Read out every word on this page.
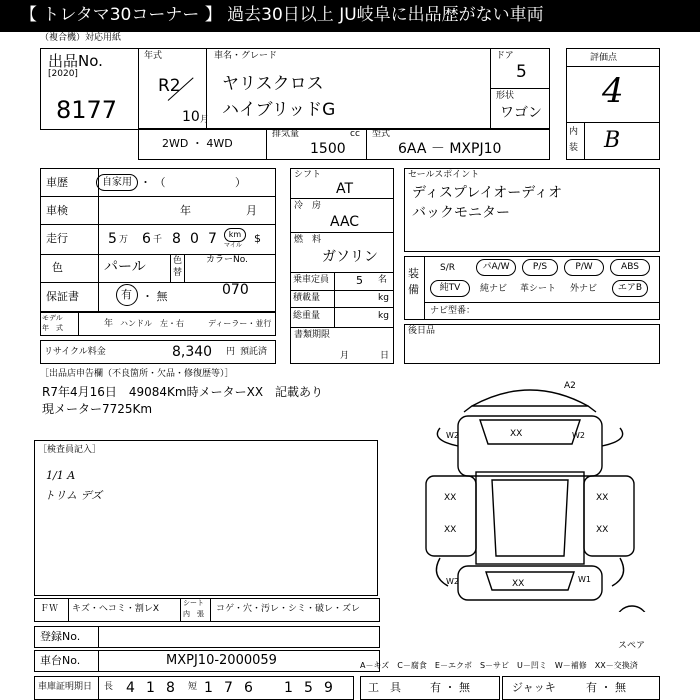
【 トレタマ30コーナー 】 過去30日以上 JU岐阜に出品歴がない車両
（複合機）対応用紙
出品No.
[2020]
8177
年式
R2
10 月
車名・グレード
ヤリスクロス
ハイブリッドG
ドア
5
形状
ワゴン
評価点
4
内
装 B
2WD ・ 4WD
排気量	cc
1500
型式
6AA － MXPJ10
車歴	自家用 ・ （ 　　　　　　）
車検	年	月
走行	5 万 6 千 8 0 7	km
マイル
$
色	パール	色
替
カラーNo.
070
保証書	有 ・ 無
モデル
年　式	年 ハンドル　左・右	ディーラー・並行
リサイクル料金	8,340 円 預託済
シフト
AT
冷　房
AAC
燃　料
ガソリン
乗車定員 5 名
積載量	kg
総重量	kg
書類期限
月	日
セールスポイント
ディスプレイオーディオ
バックモニター
装
備
S/R	パA/W	P/S	P/W	ABS
純TV	純ナビ 革シート 外ナビ	エアB
ナビ型番：
後日品
［出品店申告欄（不良箇所・欠品・修復歴等）］
R7年4月16日　49084Km時メーターXX　記載あり
現メーター7725Km
［検査員記入］
1/1 A
トリム デズ
A2
W2	W2
W2	W1
XX
XX
XX
XX
XX
XX
スペア
ＦＷ キズ・ヘコミ・割レX
シート
内　張 コゲ・穴・汚レ・シミ・破レ・ズレ
登録No.
車台No.	MXPJ10-2000059	A－キズ　C－腐食　E－エクボ　S－サビ　U－凹ミ　W－補修　XX－交換済
車庫証明期日 長 4 1 8 短 1 7 6 1 5 9	工　具	有 ・ 無	ジャッキ	有 ・ 無
